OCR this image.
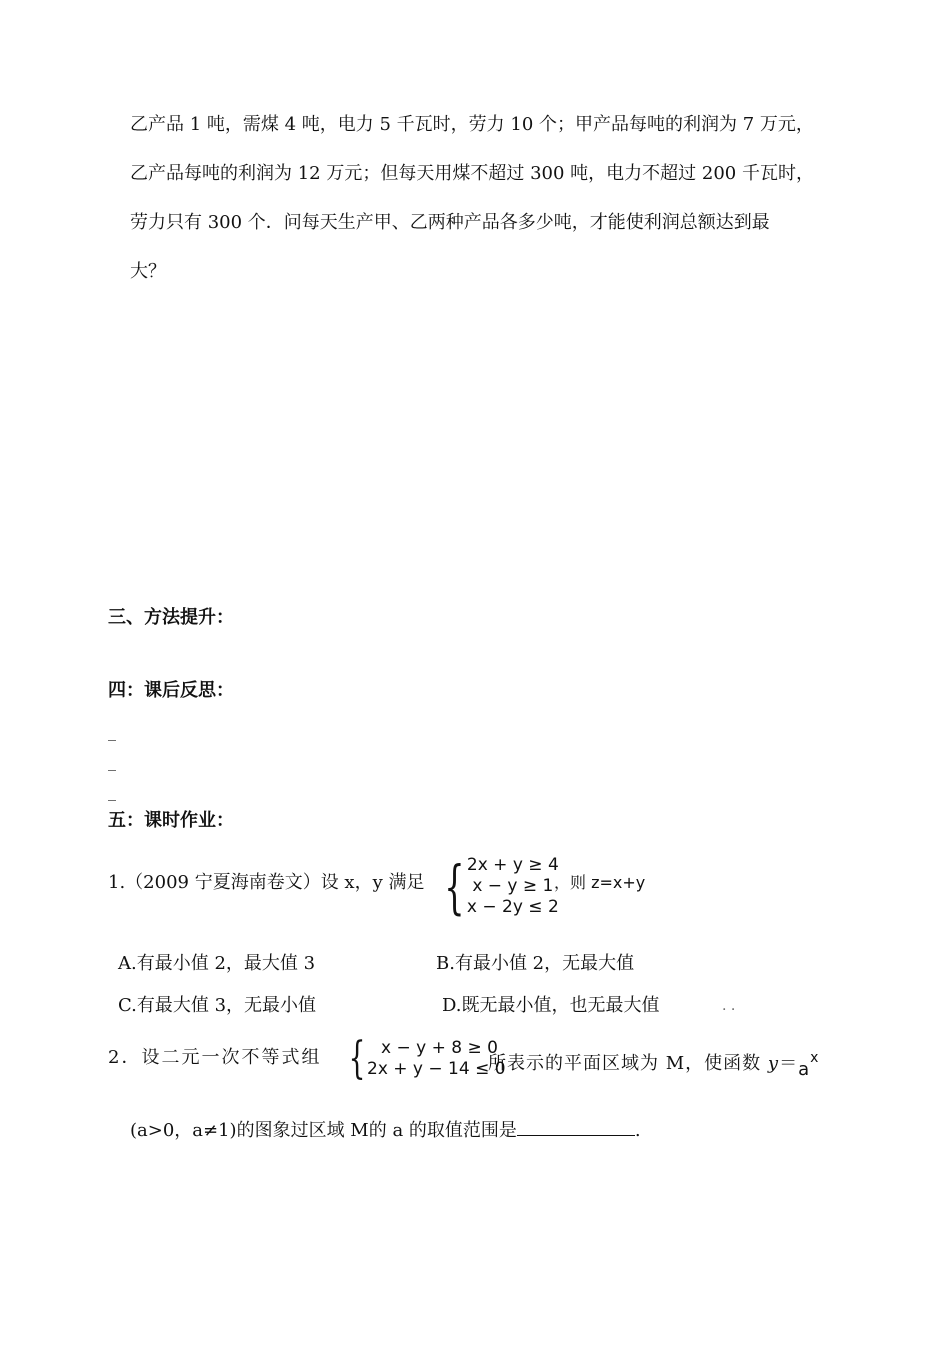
乙产品 1 吨，需煤 4 吨，电力 5 千瓦时，劳力 10 个；甲产品每吨的利润为 7 万元，
乙产品每吨的利润为 12 万元；但每天用煤不超过 300 吨，电力不超过 200 千瓦时，
劳力只有 300 个．问每天生产甲、乙两种产品各多少吨，才能使利润总额达到最
大？
三、方法提升：
四：课后反思：
_
_
_
五：课时作业：
1.（2009 宁夏海南卷文）设 x，y 满足 { 2x + y ≥ 4
x − y ≥ 1
x − 2y ≤ 2
，则 z=x+y
A.有最小值 2，最大值 3	B.有最小值 2，无最大值
C.有最大值 3，无最小值	D.既无最小值，也无最大值	. .
2．设二元一次不等式组 { x − y + 8 ≥ 0
2x + y − 14 ≤ 0
所表示的平面区域为 M，使函数 $y=a^x$
(a>0，a≠1)的图象过区域 M的 a 的取值范围是	.
